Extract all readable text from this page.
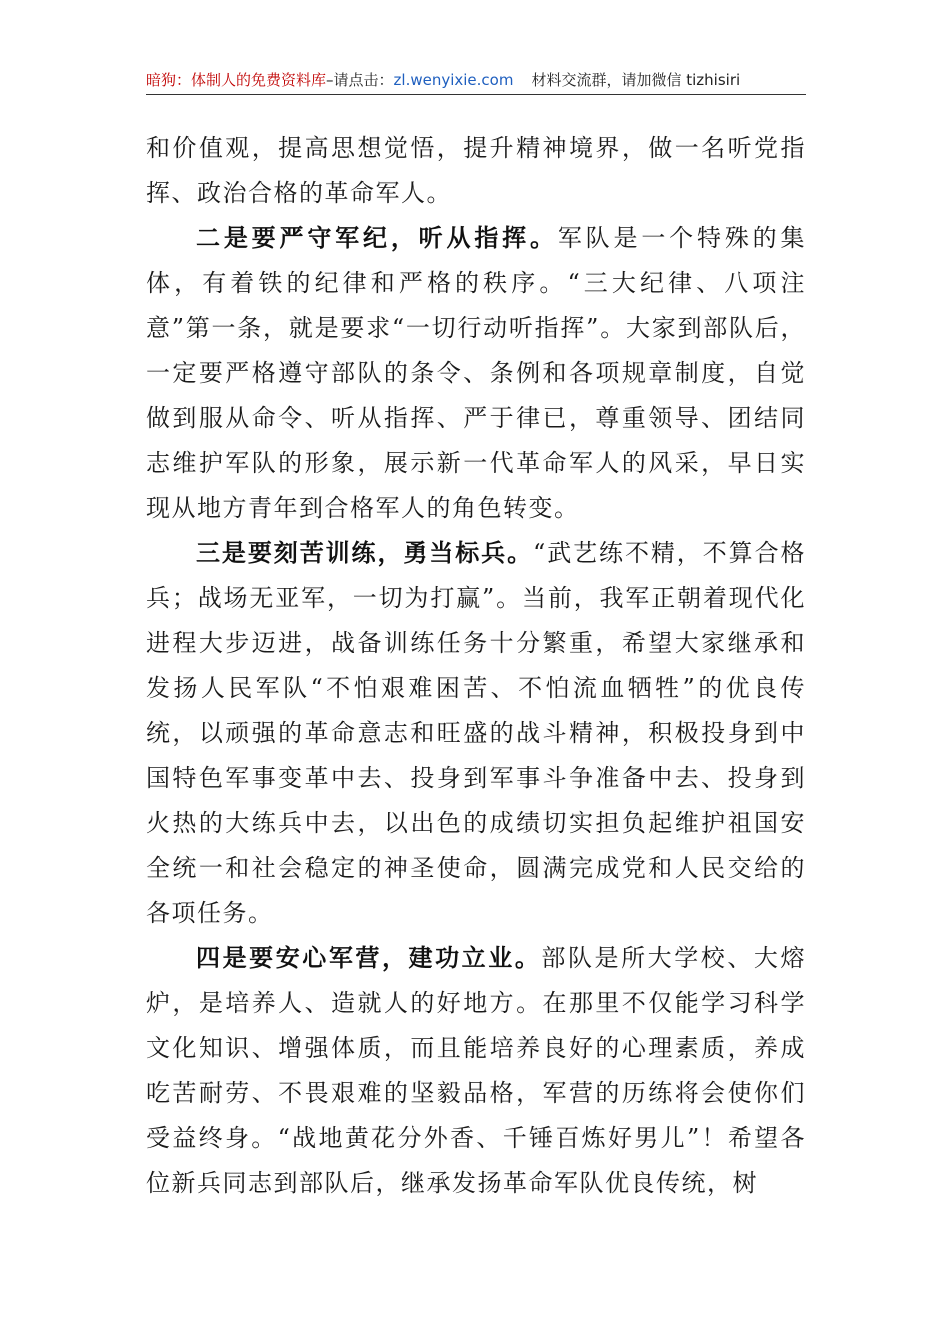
暗狗：体制人的免费资料库–请点击：zl.wenyixie.com 材料交流群，请加微信 tizhisiri

和价值观，提高思想觉悟，提升精神境界，做一名听党指挥、政治合格的革命军人。

二是要严守军纪，听从指挥。军队是一个特殊的集体，有着铁的纪律和严格的秩序。“三大纪律、八项注意”第一条，就是要求“一切行动听指挥”。大家到部队后，一定要严格遵守部队的条令、条例和各项规章制度，自觉做到服从命令、听从指挥、严于律已，尊重领导、团结同志维护军队的形象，展示新一代革命军人的风采，早日实现从地方青年到合格军人的角色转变。

三是要刻苦训练，勇当标兵。“武艺练不精，不算合格兵；战场无亚军，一切为打赢”。当前，我军正朝着现代化进程大步迈进，战备训练任务十分繁重，希望大家继承和发扬人民军队“不怕艰难困苦、不怕流血牺牲”的优良传统，以顽强的革命意志和旺盛的战斗精神，积极投身到中国特色军事变革中去、投身到军事斗争准备中去、投身到火热的大练兵中去，以出色的成绩切实担负起维护祖国安全统一和社会稳定的神圣使命，圆满完成党和人民交给的各项任务。

四是要安心军营，建功立业。部队是所大学校、大熔炉，是培养人、造就人的好地方。在那里不仅能学习科学文化知识、增强体质，而且能培养良好的心理素质，养成吃苦耐劳、不畏艰难的坚毅品格，军营的历练将会使你们受益终身。“战地黄花分外香、千锤百炼好男儿”！希望各位新兵同志到部队后，继承发扬革命军队优良传统，树
